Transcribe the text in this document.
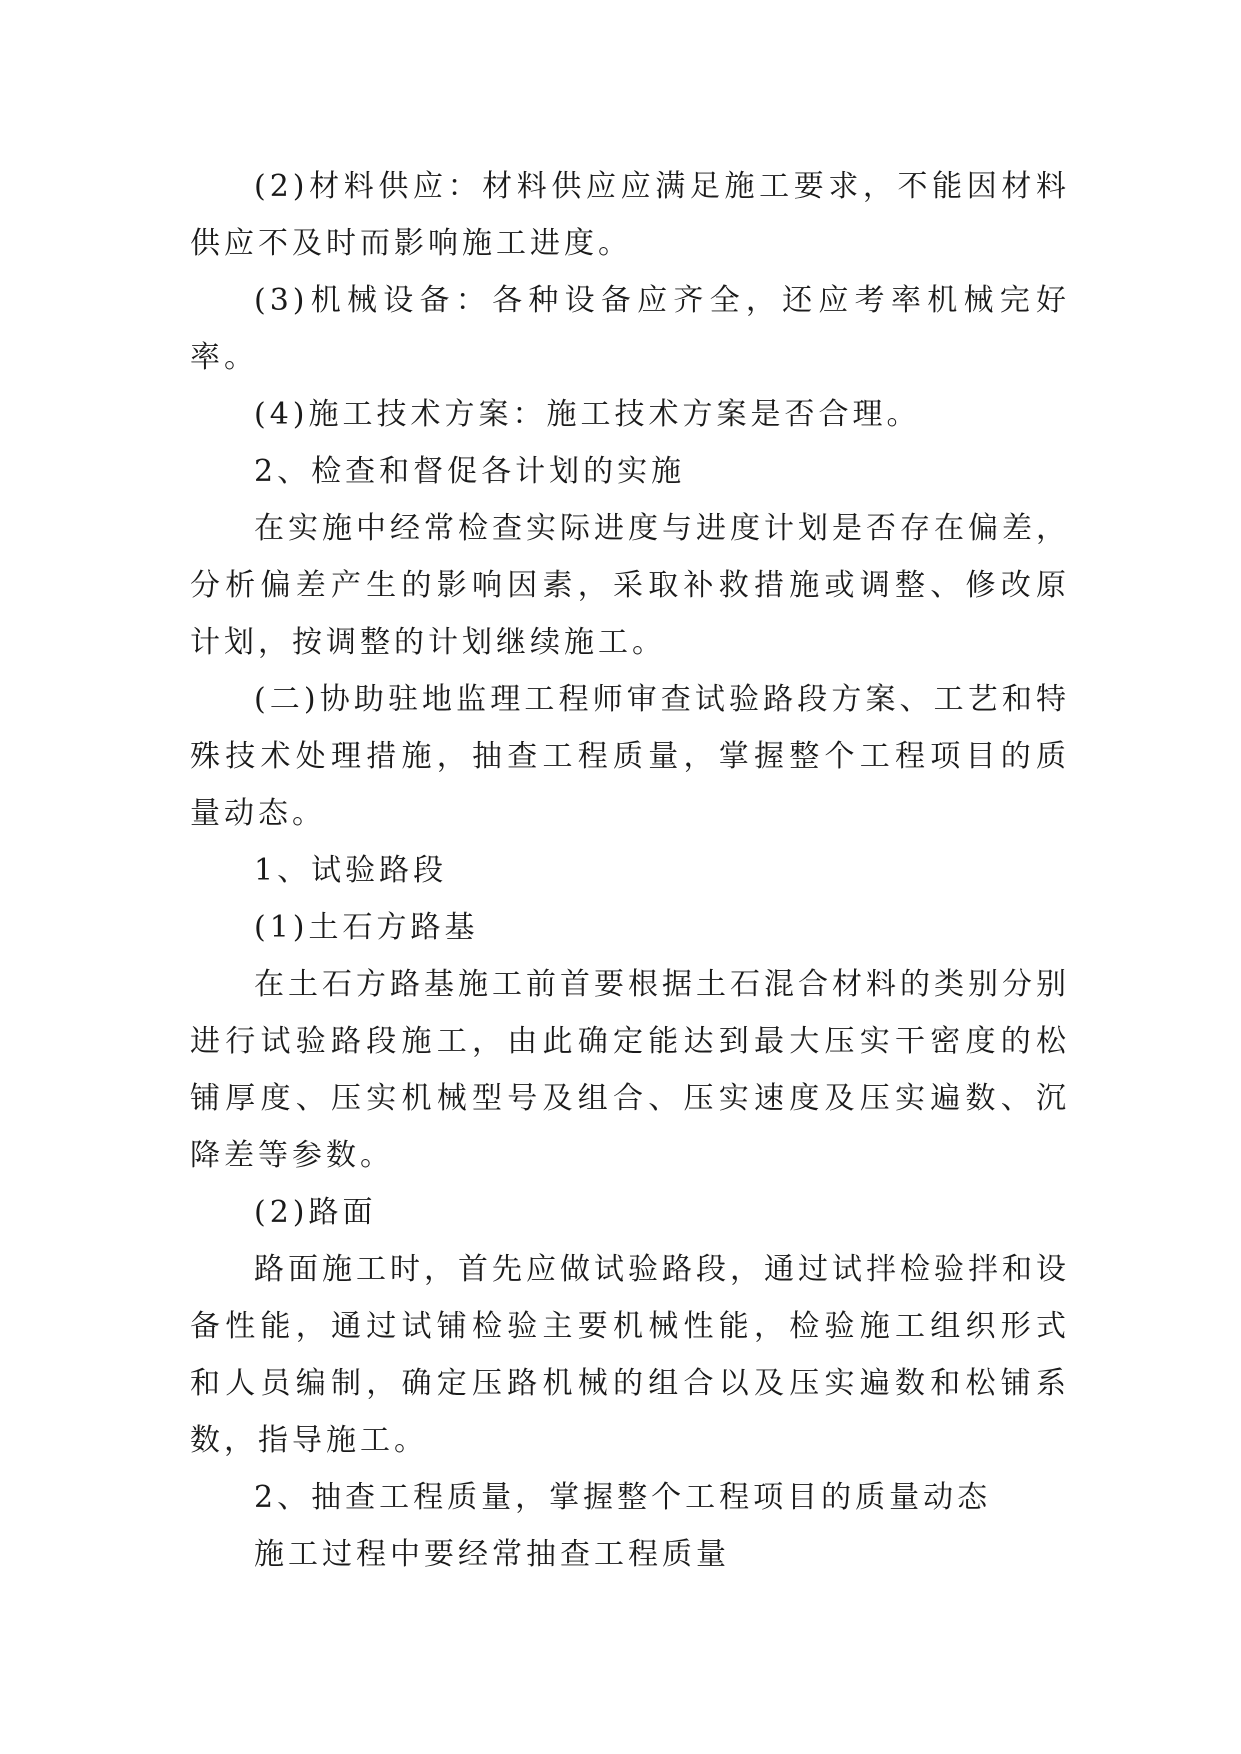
(2)材料供应：材料供应应满足施工要求，不能因材料供应不及时而影响施工进度。

(3)机械设备：各种设备应齐全，还应考率机械完好率。

(4)施工技术方案：施工技术方案是否合理。

2、检查和督促各计划的实施

在实施中经常检查实际进度与进度计划是否存在偏差，分析偏差产生的影响因素，采取补救措施或调整、修改原计划，按调整的计划继续施工。

(二)协助驻地监理工程师审查试验路段方案、工艺和特殊技术处理措施，抽查工程质量，掌握整个工程项目的质量动态。

1、试验路段

(1)土石方路基

在土石方路基施工前首要根据土石混合材料的类别分别进行试验路段施工，由此确定能达到最大压实干密度的松铺厚度、压实机械型号及组合、压实速度及压实遍数、沉降差等参数。

(2)路面

路面施工时，首先应做试验路段，通过试拌检验拌和设备性能，通过试铺检验主要机械性能，检验施工组织形式和人员编制，确定压路机械的组合以及压实遍数和松铺系数，指导施工。

2、抽查工程质量，掌握整个工程项目的质量动态

施工过程中要经常抽查工程质量
